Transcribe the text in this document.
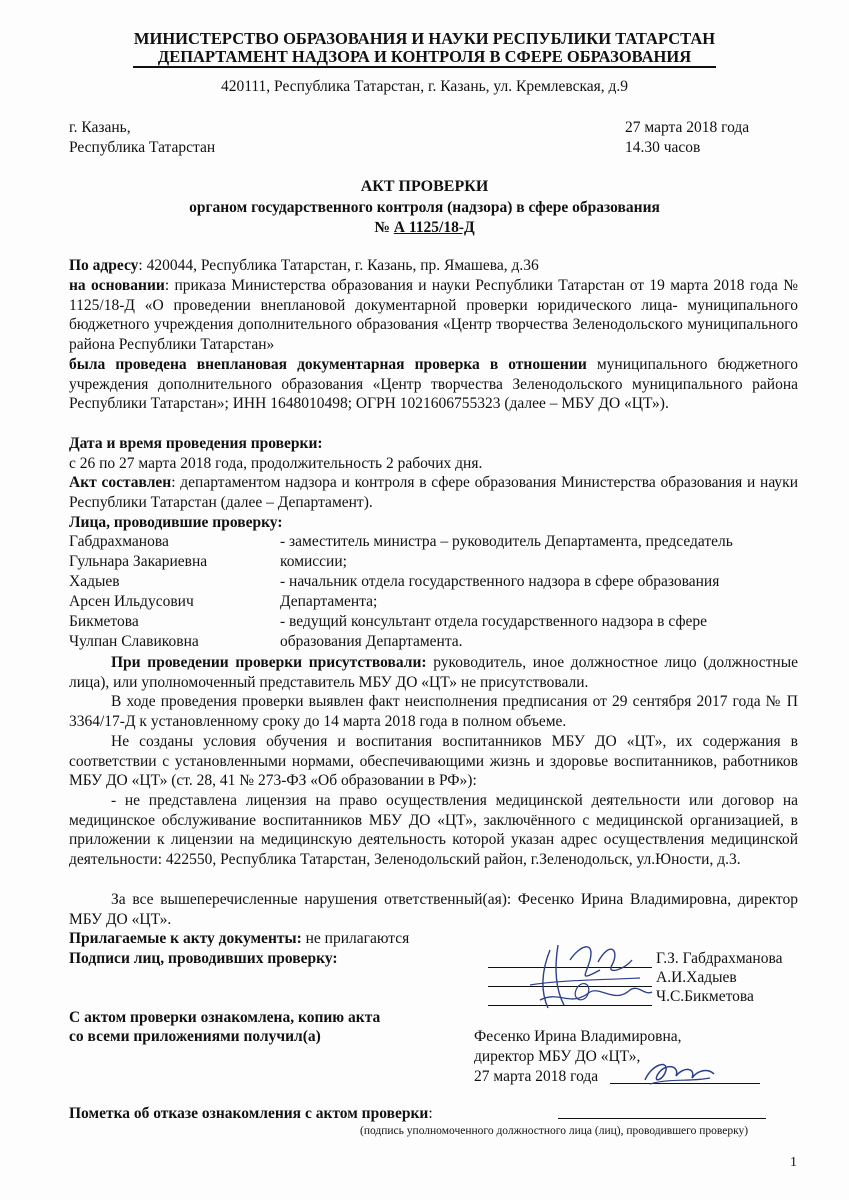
МИНИСТЕРСТВО ОБРАЗОВАНИЯ И НАУКИ РЕСПУБЛИКИ ТАТАРСТАН
ДЕПАРТАМЕНТ НАДЗОРА И КОНТРОЛЯ В СФЕРЕ ОБРАЗОВАНИЯ
420111, Республика Татарстан, г. Казань, ул. Кремлевская, д.9
г. Казань,
Республика Татарстан
27 марта 2018 года
14.30 часов
АКТ ПРОВЕРКИ
органом государственного контроля (надзора) в сфере образования
№ А 1125/18-Д
По адресу: 420044, Республика Татарстан, г. Казань, пр. Ямашева, д.36
на основании: приказа Министерства образования и науки Республики Татарстан от 19 марта 2018 года № 1125/18-Д «О проведении внеплановой документарной проверки юридического лица- муниципального бюджетного учреждения дополнительного образования «Центр творчества Зеленодольского муниципального района Республики Татарстан»
была проведена внеплановая документарная проверка в отношении муниципального бюджетного учреждения дополнительного образования «Центр творчества Зеленодольского муниципального района Республики Татарстан»; ИНН 1648010498; ОГРН 1021606755323 (далее – МБУ ДО «ЦТ»).
Дата и время проведения проверки:
с 26 по 27 марта 2018 года, продолжительность 2 рабочих дня.
Акт составлен: департаментом надзора и контроля в сфере образования Министерства образования и науки Республики Татарстан (далее – Департамент).
Лица, проводившие проверку:
Габдрахманова	- заместитель министра – руководитель Департамента, председатель
Гульнара Закариевна	комиссии;
Хадыев	- начальник отдела государственного надзора в сфере образования
Арсен Ильдусович	Департамента;
Бикметова	- ведущий консультант отдела государственного надзора в сфере
Чулпан Славиковна	образования Департамента.
При проведении проверки присутствовали: руководитель, иное должностное лицо (должностные лица), или уполномоченный представитель МБУ ДО «ЦТ» не присутствовали.
В ходе проведения проверки выявлен факт неисполнения предписания от 29 сентября 2017 года № П 3364/17-Д к установленному сроку до 14 марта 2018 года в полном объеме.
Не созданы условия обучения и воспитания воспитанников МБУ ДО «ЦТ», их содержания в соответствии с установленными нормами, обеспечивающими жизнь и здоровье воспитанников, работников МБУ ДО «ЦТ» (ст. 28, 41 № 273-ФЗ «Об образовании в РФ»):
- не представлена лицензия на право осуществления медицинской деятельности или договор на медицинское обслуживание воспитанников МБУ ДО «ЦТ», заключённого с медицинской организацией, в приложении к лицензии на медицинскую деятельность которой указан адрес осуществления медицинской деятельности: 422550, Республика Татарстан, Зеленодольский район, г.Зеленодольск, ул.Юности, д.3.
За все вышеперечисленные нарушения ответственный(ая): Фесенко Ирина Владимировна, директор МБУ ДО «ЦТ».
Прилагаемые к акту документы: не прилагаются
Подписи лиц, проводивших проверку:	Г.З. Габдрахманова
А.И.Хадыев
Ч.С.Бикметова
С актом проверки ознакомлена, копию акта
со всеми приложениями получил(а)	Фесенко Ирина Владимировна,
директор МБУ ДО «ЦТ»,
27 марта 2018 года
Пометка об отказе ознакомления с актом проверки:
(подпись уполномоченного должностного лица (лиц), проводившего проверку)
1
